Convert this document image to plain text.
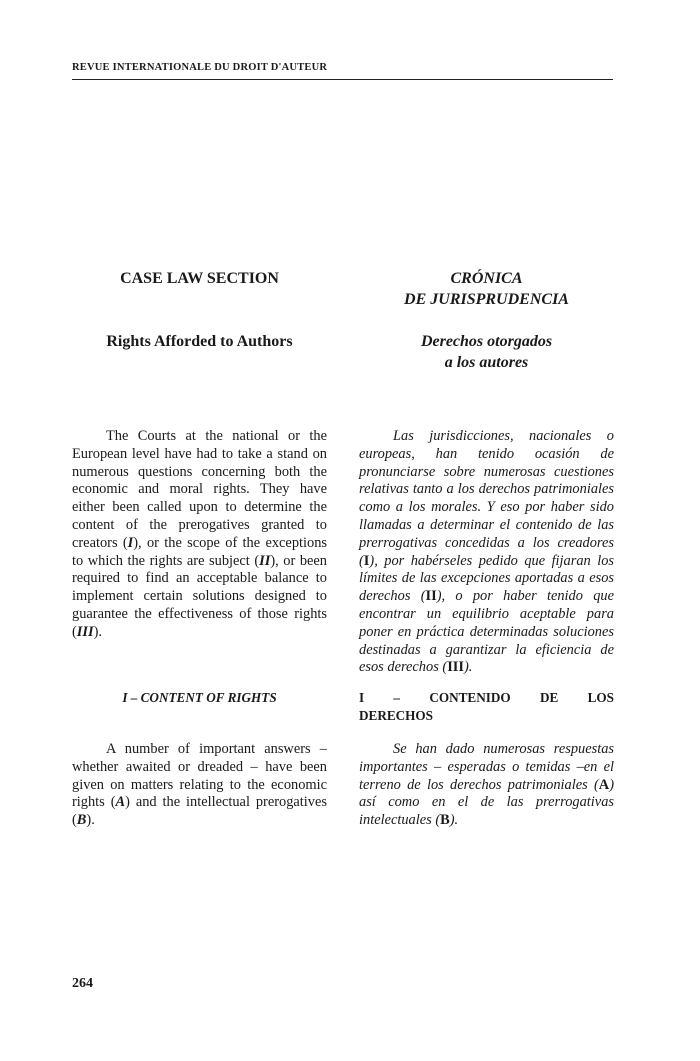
REVUE INTERNATIONALE DU DROIT D'AUTEUR
CASE LAW SECTION
Rights Afforded to Authors
The Courts at the national or the European level have had to take a stand on numerous questions concerning both the economic and moral rights. They have either been called upon to determine the content of the prerogatives granted to creators (I), or the scope of the exceptions to which the rights are subject (II), or been required to find an acceptable balance to implement certain solutions designed to guarantee the effectiveness of those rights (III).
I – CONTENT OF RIGHTS
A number of important answers – whether awaited or dreaded – have been given on matters relating to the economic rights (A) and the intellectual prerogatives (B).
CRÓNICA
DE JURISPRUDENCIA
Derechos otorgados
a los autores
Las jurisdicciones, nacionales o europeas, han tenido ocasión de pronunciarse sobre numerosas cuestiones relativas tanto a los derechos patrimoniales como a los morales. Y eso por haber sido llamadas a determinar el contenido de las prerrogativas concedidas a los creadores (I), por habérseles pedido que fijaran los límites de las excepciones aportadas a esos derechos (II), o por haber tenido que encontrar un equilibrio aceptable para poner en práctica determinadas soluciones destinadas a garantizar la eficiencia de esos derechos (III).
I – CONTENIDO DE LOS
DERECHOS
Se han dado numerosas respuestas importantes – esperadas o temidas –en el terreno de los derechos patrimoniales (A) así como en el de las prerrogativas intelectuales (B).
264
